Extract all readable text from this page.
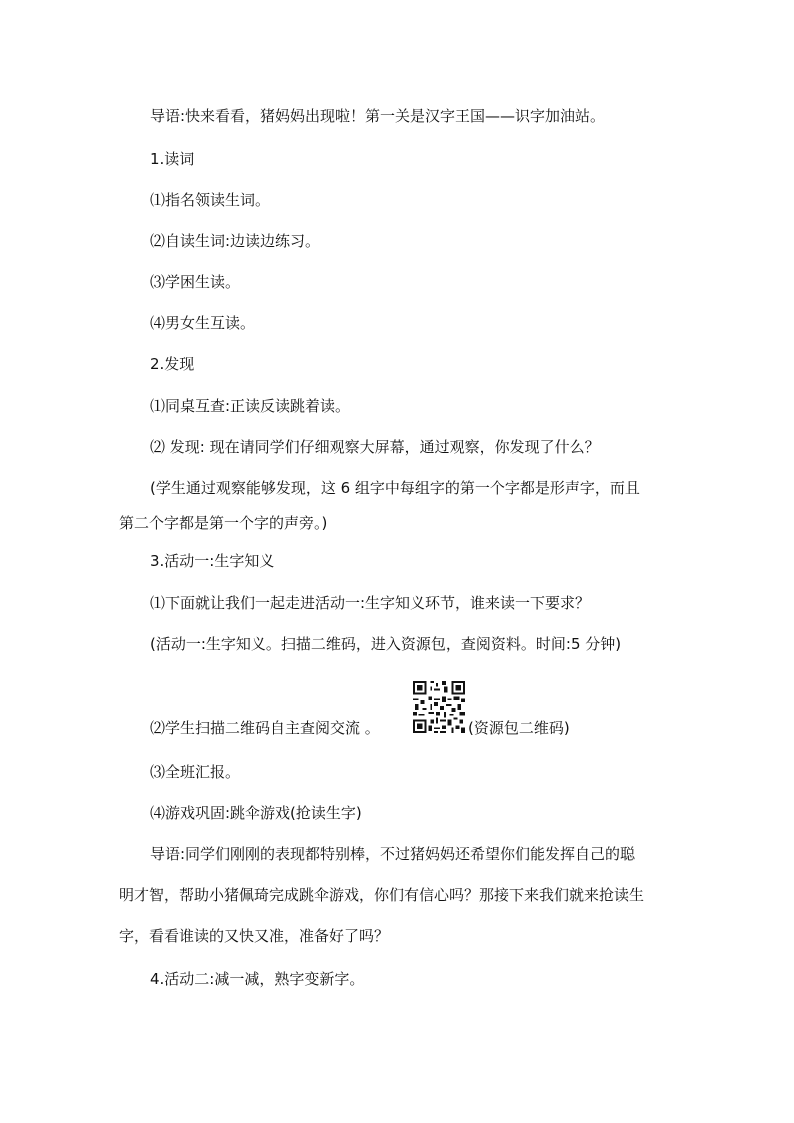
导语:快来看看，猪妈妈出现啦！第一关是汉字王国——识字加油站。
1.读词
⑴指名领读生词。
⑵自读生词:边读边练习。
⑶学困生读。
⑷男女生互读。
2.发现
⑴同桌互查:正读反读跳着读。
⑵ 发现: 现在请同学们仔细观察大屏幕，通过观察，你发现了什么？
(学生通过观察能够发现，这 6 组字中每组字的第一个字都是形声字，而且
第二个字都是第一个字的声旁。)
3.活动一:生字知义
⑴下面就让我们一起走进活动一:生字知义环节，谁来读一下要求？
(活动一:生字知义。扫描二维码，进入资源包，查阅资料。时间:5 分钟)
⑵学生扫描二维码自主查阅交流 。	(资源包二维码)
⑶全班汇报。
⑷游戏巩固:跳伞游戏(抢读生字)
导语:同学们刚刚的表现都特别棒，不过猪妈妈还希望你们能发挥自己的聪
明才智，帮助小猪佩琦完成跳伞游戏，你们有信心吗？那接下来我们就来抢读生
字，看看谁读的又快又准，准备好了吗？
4.活动二:减一减，熟字变新字。
